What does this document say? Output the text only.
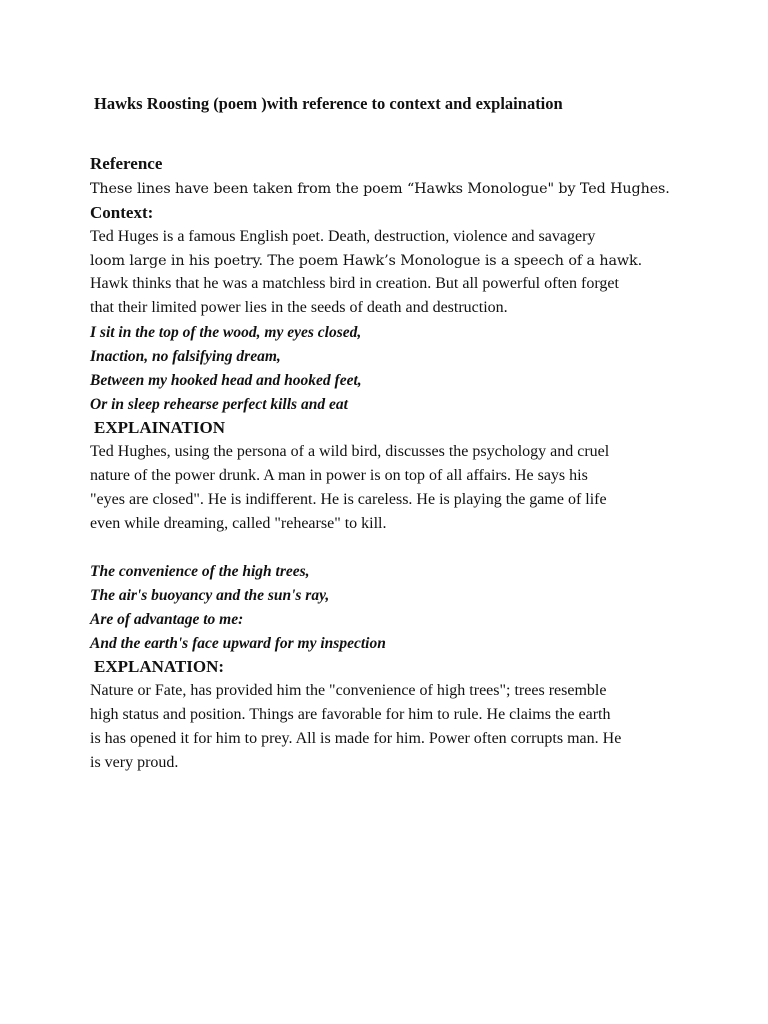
Hawks Roosting (poem )with reference to context and explaination
Reference
These lines have been taken from the poem “Hawks Monologue" by Ted Hughes.
Context:
Ted Huges is a famous English poet. Death, destruction, violence and savagery
loom large in his poetry. The poem Hawk’s Monologue is a speech of a hawk.
Hawk thinks that he was a matchless bird in creation. But all powerful often forget
that their limited power lies in the seeds of death and destruction.
I sit in the top of the wood, my eyes closed,
Inaction, no falsifying dream,
Between my hooked head and hooked feet,
Or in sleep rehearse perfect kills and eat
EXPLAINATION
Ted Hughes, using the persona of a wild bird, discusses the psychology and cruel
nature of the power drunk. A man in power is on top of all affairs. He says his
"eyes are closed". He is indifferent. He is careless. He is playing the game of life
even while dreaming, called "rehearse" to kill.
The convenience of the high trees,
The air's buoyancy and the sun's ray,
Are of advantage to me:
And the earth's face upward for my inspection
EXPLANATION:
Nature or Fate, has provided him the "convenience of high trees"; trees resemble
high status and position. Things are favorable for him to rule. He claims the earth
is has opened it for him to prey. All is made for him. Power often corrupts man. He
is very proud.
